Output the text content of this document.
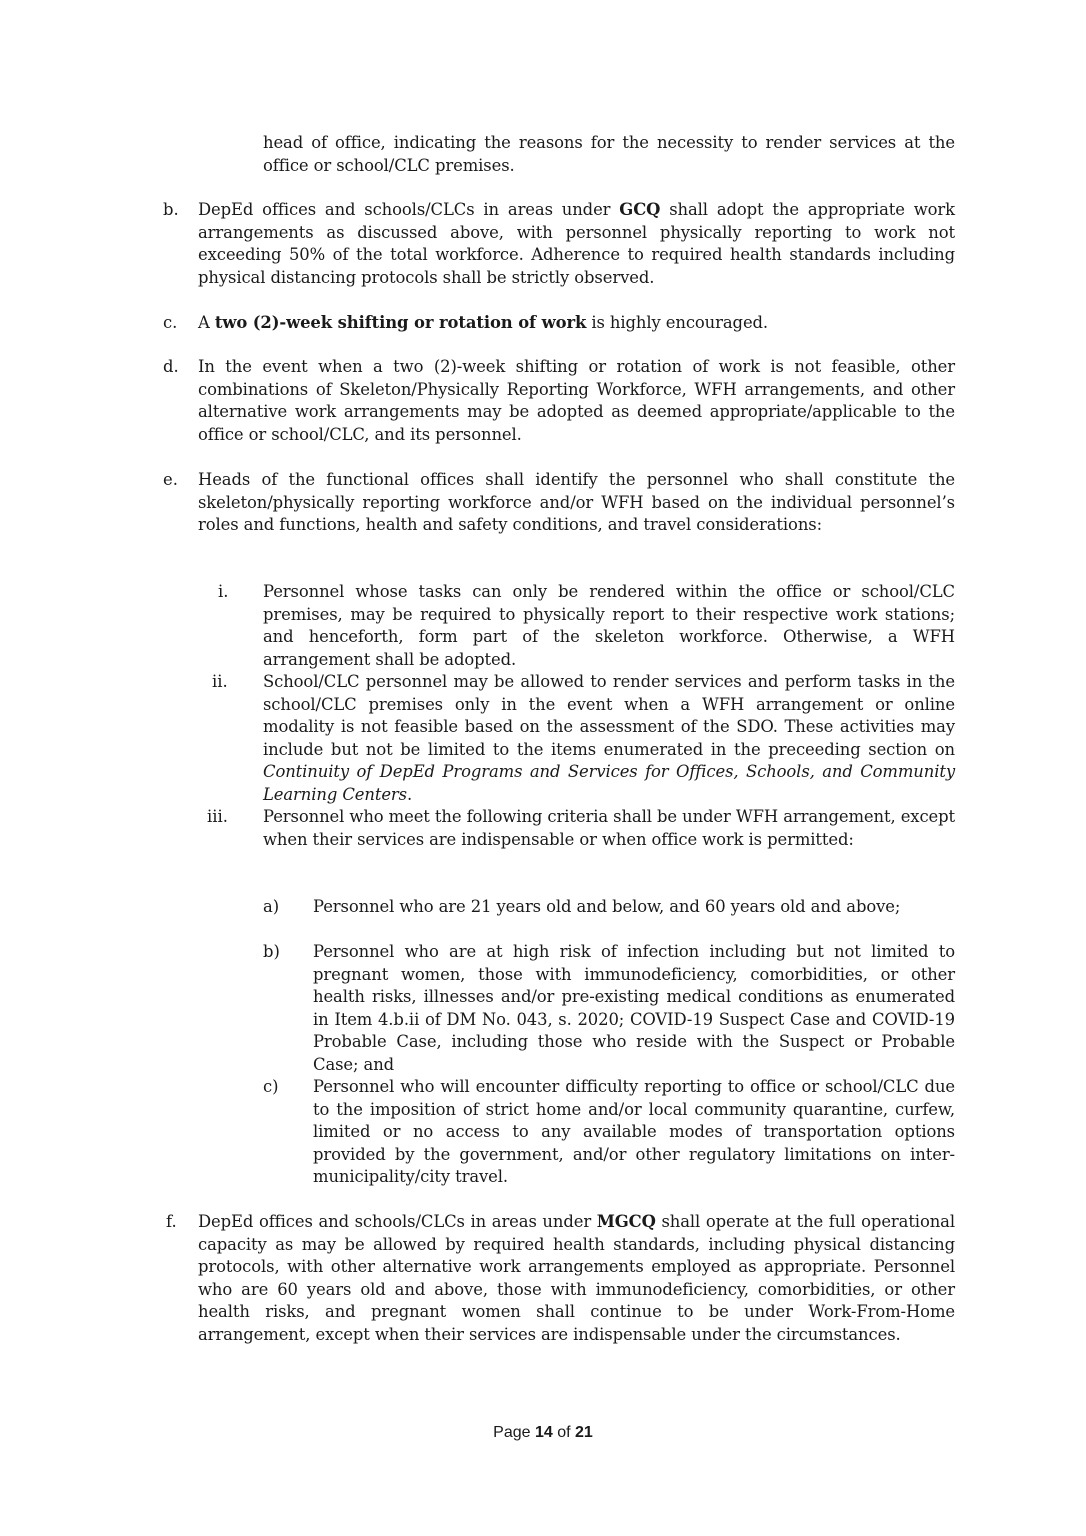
head of office, indicating the reasons for the necessity to render services at the office or school/CLC premises.
b. DepEd offices and schools/CLCs in areas under GCQ shall adopt the appropriate work arrangements as discussed above, with personnel physically reporting to work not exceeding 50% of the total workforce. Adherence to required health standards including physical distancing protocols shall be strictly observed.
c. A two (2)-week shifting or rotation of work is highly encouraged.
d. In the event when a two (2)-week shifting or rotation of work is not feasible, other combinations of Skeleton/Physically Reporting Workforce, WFH arrangements, and other alternative work arrangements may be adopted as deemed appropriate/applicable to the office or school/CLC, and its personnel.
e. Heads of the functional offices shall identify the personnel who shall constitute the skeleton/physically reporting workforce and/or WFH based on the individual personnel’s roles and functions, health and safety conditions, and travel considerations:
i. Personnel whose tasks can only be rendered within the office or school/CLC premises, may be required to physically report to their respective work stations; and henceforth, form part of the skeleton workforce. Otherwise, a WFH arrangement shall be adopted.
ii. School/CLC personnel may be allowed to render services and perform tasks in the school/CLC premises only in the event when a WFH arrangement or online modality is not feasible based on the assessment of the SDO. These activities may include but not be limited to the items enumerated in the preceeding section on Continuity of DepEd Programs and Services for Offices, Schools, and Community Learning Centers.
iii. Personnel who meet the following criteria shall be under WFH arrangement, except when their services are indispensable or when office work is permitted:
a) Personnel who are 21 years old and below, and 60 years old and above;
b) Personnel who are at high risk of infection including but not limited to pregnant women, those with immunodeficiency, comorbidities, or other health risks, illnesses and/or pre-existing medical conditions as enumerated in Item 4.b.ii of DM No. 043, s. 2020; COVID-19 Suspect Case and COVID-19 Probable Case, including those who reside with the Suspect or Probable Case; and
c) Personnel who will encounter difficulty reporting to office or school/CLC due to the imposition of strict home and/or local community quarantine, curfew, limited or no access to any available modes of transportation options provided by the government, and/or other regulatory limitations on inter-municipality/city travel.
f. DepEd offices and schools/CLCs in areas under MGCQ shall operate at the full operational capacity as may be allowed by required health standards, including physical distancing protocols, with other alternative work arrangements employed as appropriate. Personnel who are 60 years old and above, those with immunodeficiency, comorbidities, or other health risks, and pregnant women shall continue to be under Work-From-Home arrangement, except when their services are indispensable under the circumstances.
Page 14 of 21
